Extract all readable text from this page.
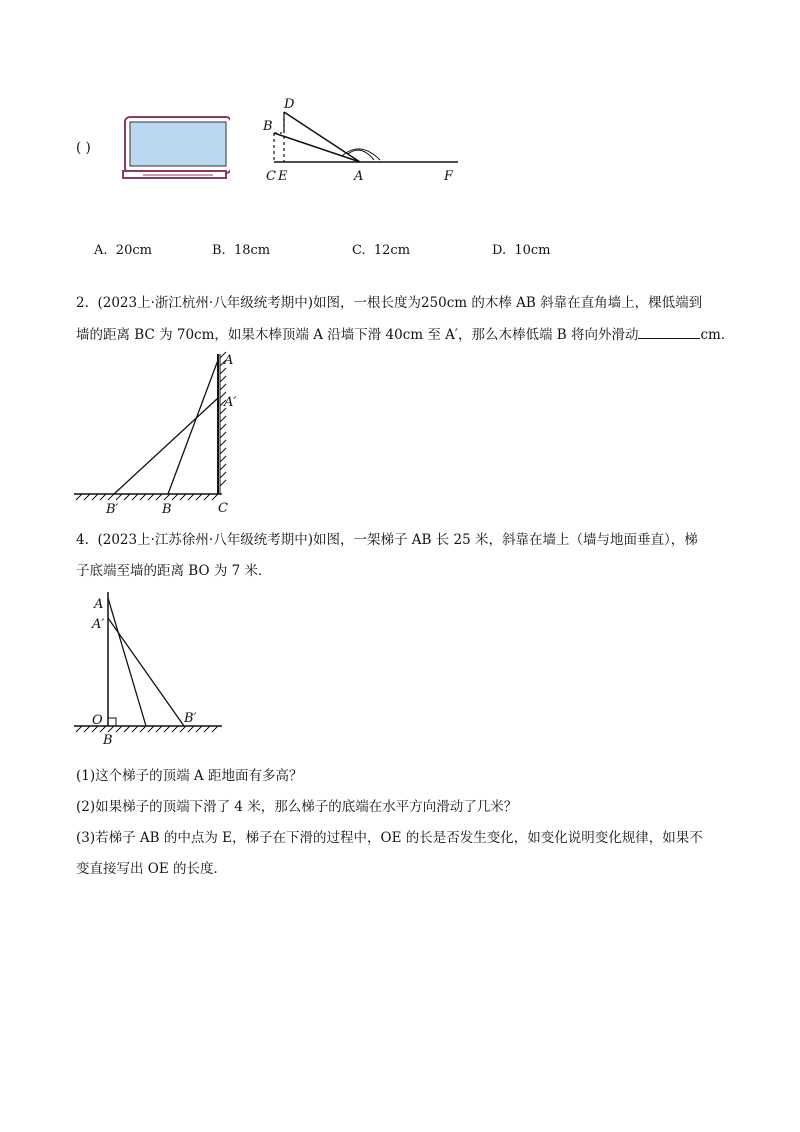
( )
D
B
C E	A	F
A. 20cm	B. 18cm	C. 12cm	D. 10cm
2. (2023上·浙江杭州·八年级统考期中)如图，一根长度为250cm 的木棒 AB 斜靠在直角墙上，棵低端到
墙的距离 BC 为 70cm，如果木棒顶端 A 沿墙下滑 40cm 至 A′，那么木棒低端 B 将向外滑动	cm．
A
A′
B′	B	C
4. (2023上·江苏徐州·八年级统考期中)如图，一架梯子 AB 长 25 米，斜靠在墙上（墙与地面垂直），梯
子底端至墙的距离 BO 为 7 米．
A
A′
O
B
B′
(1)这个梯子的顶端 A 距地面有多高？
(2)如果梯子的顶端下滑了 4 米，那么梯子的底端在水平方向滑动了几米？
(3)若梯子 AB 的中点为 E，梯子在下滑的过程中，OE 的长是否发生变化，如变化说明变化规律，如果不
变直接写出 OE 的长度．
